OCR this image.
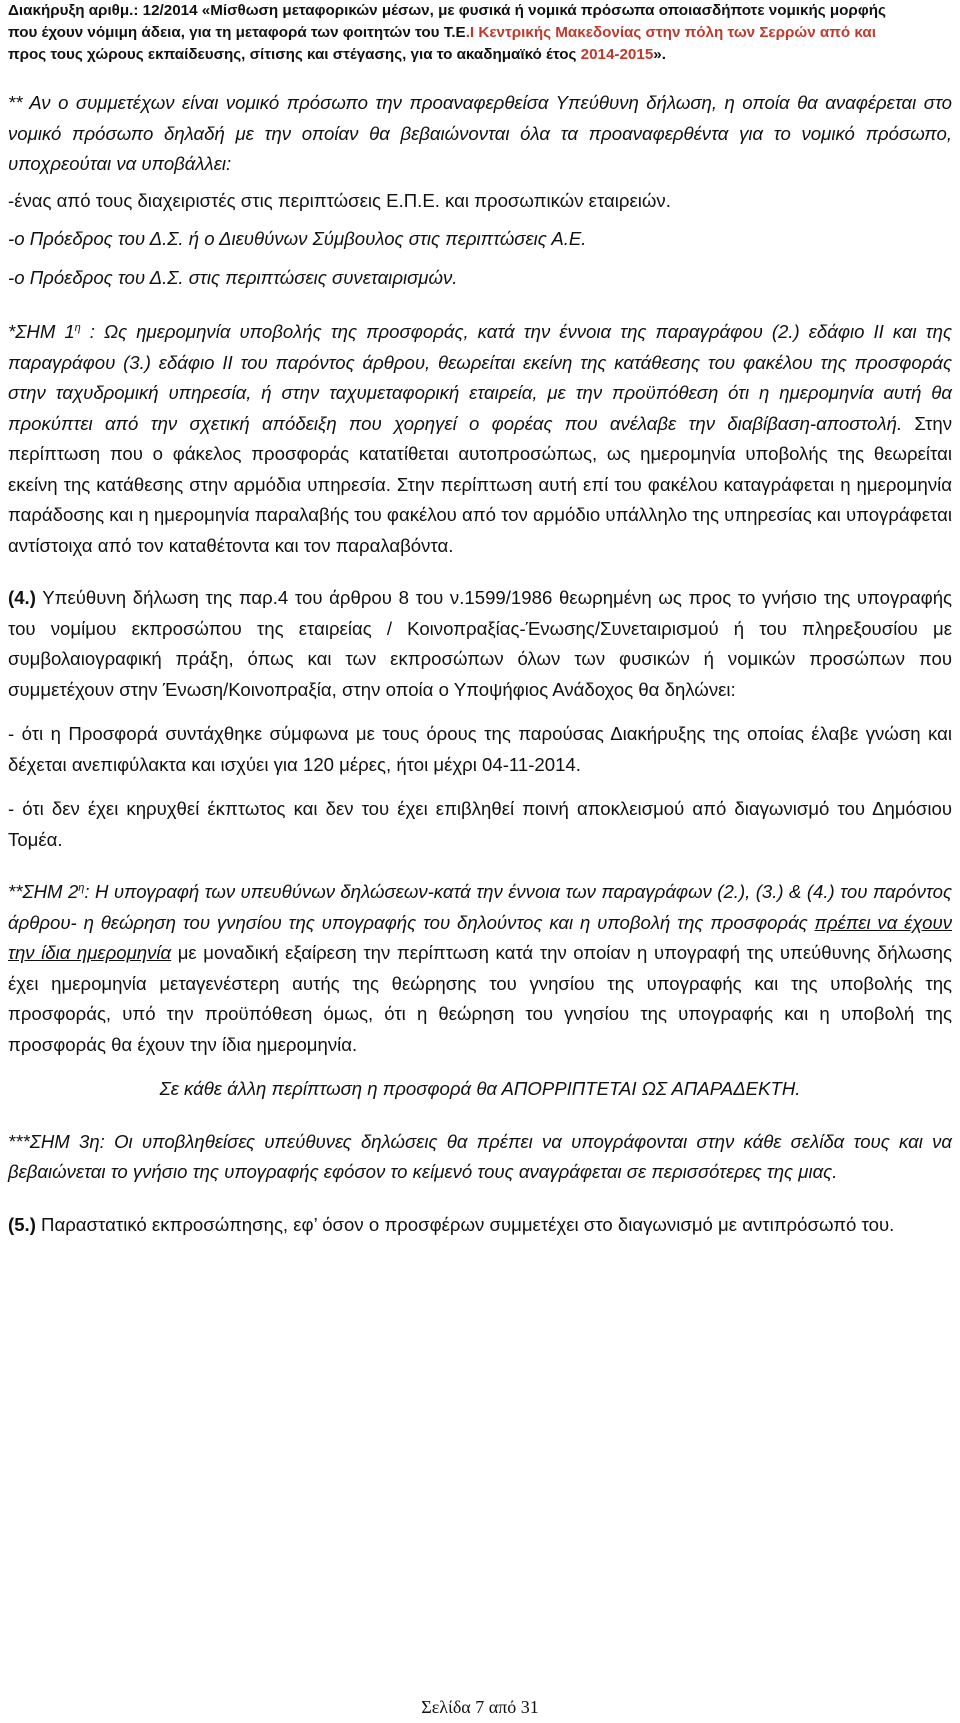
Διακήρυξη αριθμ.: 12/2014 «Μίσθωση μεταφορικών μέσων, με φυσικά ή νομικά πρόσωπα οποιασδήποτε νομικής μορφής
που έχουν νόμιμη άδεια, για τη μεταφορά των φοιτητών του Τ.Ε.Ι Κεντρικής Μακεδονίας στην πόλη των Σερρών από και
προς τους χώρους εκπαίδευσης, σίτισης και στέγασης, για το ακαδημαϊκό έτος 2014-2015».

** Αν ο συμμετέχων είναι νομικό πρόσωπο την προαναφερθείσα Υπεύθυνη δήλωση, η οποία θα αναφέρεται στο νομικό πρόσωπο δηλαδή με την οποίαν θα βεβαιώνονται όλα τα προαναφερθέντα για το νομικό πρόσωπο, υποχρεούται να υποβάλλει:

-ένας από τους διαχειριστές στις περιπτώσεις Ε.Π.Ε. και προσωπικών εταιρειών.

-ο Πρόεδρος του Δ.Σ. ή ο Διευθύνων Σύμβουλος στις περιπτώσεις Α.Ε.

-ο Πρόεδρος του Δ.Σ. στις περιπτώσεις συνεταιρισμών.

*ΣΗΜ $1^\eta$ : Ως ημερομηνία υποβολής της προσφοράς, κατά την έννοια της παραγράφου (2.) εδάφιο ΙΙ και της παραγράφου (3.) εδάφιο ΙΙ του παρόντος άρθρου, θεωρείται εκείνη της κατάθεσης του φακέλου της προσφοράς στην ταχυδρομική υπηρεσία, ή στην ταχυμεταφορική εταιρεία, με την προϋπόθεση ότι η ημερομηνία αυτή θα προκύπτει από την σχετική απόδειξη που χορηγεί ο φορέας που ανέλαβε την διαβίβαση-αποστολή. Στην περίπτωση που ο φάκελος προσφοράς κατατίθεται αυτοπροσώπως, ως ημερομηνία υποβολής της θεωρείται εκείνη της κατάθεσης στην αρμόδια υπηρεσία. Στην περίπτωση αυτή επί του φακέλου καταγράφεται η ημερομηνία παράδοσης και η ημερομηνία παραλαβής του φακέλου από τον αρμόδιο υπάλληλο της υπηρεσίας και υπογράφεται αντίστοιχα από τον καταθέτοντα και τον παραλαβόντα.

(4.) Υπεύθυνη δήλωση της παρ.4 του άρθρου 8 του ν.1599/1986 θεωρημένη ως προς το γνήσιο της υπογραφής του νομίμου εκπροσώπου της εταιρείας / Κοινοπραξίας-Ένωσης/Συνεταιρισμού ή του πληρεξουσίου με συμβολαιογραφική πράξη, όπως και των εκπροσώπων όλων των φυσικών ή νομικών προσώπων που συμμετέχουν στην Ένωση/Κοινοπραξία, στην οποία ο Υποψήφιος Ανάδοχος θα δηλώνει:

- ότι η Προσφορά συντάχθηκε σύμφωνα με τους όρους της παρούσας Διακήρυξης της οποίας έλαβε γνώση και δέχεται ανεπιφύλακτα και ισχύει για 120 μέρες, ήτοι μέχρι 04-11-2014.

- ότι δεν έχει κηρυχθεί έκπτωτος και δεν του έχει επιβληθεί ποινή αποκλεισμού από διαγωνισμό του Δημόσιου Τομέα.

**ΣΗΜ $2^\eta$: Η υπογραφή των υπευθύνων δηλώσεων-κατά την έννοια των παραγράφων (2.), (3.) & (4.) του παρόντος άρθρου- η θεώρηση του γνησίου της υπογραφής του δηλούντος και η υποβολή της προσφοράς πρέπει να έχουν την ίδια ημερομηνία με μοναδική εξαίρεση την περίπτωση κατά την οποίαν η υπογραφή της υπεύθυνης δήλωσης έχει ημερομηνία μεταγενέστερη αυτής της θεώρησης του γνησίου της υπογραφής και της υποβολής της προσφοράς, υπό την προϋπόθεση όμως, ότι η θεώρηση του γνησίου της υπογραφής και η υποβολή της προσφοράς θα έχουν την ίδια ημερομηνία.

Σε κάθε άλλη περίπτωση η προσφορά θα ΑΠΟΡΡΙΠΤΕΤΑΙ ΩΣ ΑΠΑΡΑΔΕΚΤΗ.

***ΣΗΜ 3η: Οι υποβληθείσες υπεύθυνες δηλώσεις θα πρέπει να υπογράφονται στην κάθε σελίδα τους και να βεβαιώνεται το γνήσιο της υπογραφής εφόσον το κείμενό τους αναγράφεται σε περισσότερες της μιας.

(5.) Παραστατικό εκπροσώπησης, εφ’ όσον ο προσφέρων συμμετέχει στο διαγωνισμό με αντιπρόσωπό του.

Σελίδα 7 από 31
